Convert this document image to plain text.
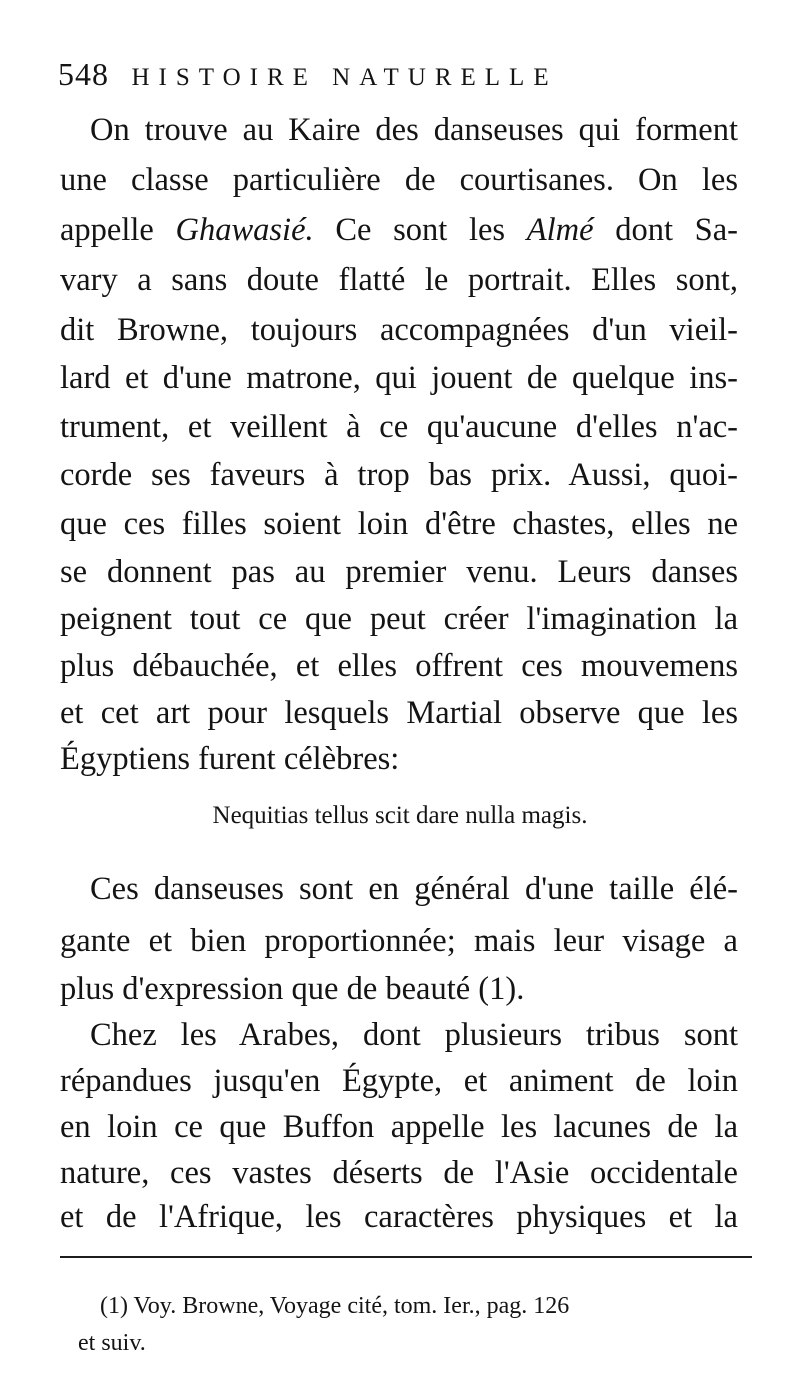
548 HISTOIRE NATURELLE
On trouve au Kaire des danseuses qui forment
une classe particulière de courtisanes. On les
appelle Ghawasié. Ce sont les Almé dont Sa-
vary a sans doute flatté le portrait. Elles sont,
dit Browne, toujours accompagnées d'un vieil-
lard et d'une matrone, qui jouent de quelque ins-
trument, et veillent à ce qu'aucune d'elles n'ac-
corde ses faveurs à trop bas prix. Aussi, quoi-
que ces filles soient loin d'être chastes, elles ne
se donnent pas au premier venu. Leurs danses
peignent tout ce que peut créer l'imagination la
plus débauchée, et elles offrent ces mouvemens
et cet art pour lesquels Martial observe que les
Égyptiens furent célèbres:
Nequitias tellus scit dare nulla magis.
Ces danseuses sont en général d'une taille élé-
gante et bien proportionnée; mais leur visage a
plus d'expression que de beauté (1).
Chez les Arabes, dont plusieurs tribus sont
répandues jusqu'en Égypte, et animent de loin
en loin ce que Buffon appelle les lacunes de la
nature, ces vastes déserts de l'Asie occidentale
et de l'Afrique, les caractères physiques et la
(1) Voy. Browne, Voyage cité, tom. Ier., pag. 126
et suiv.
